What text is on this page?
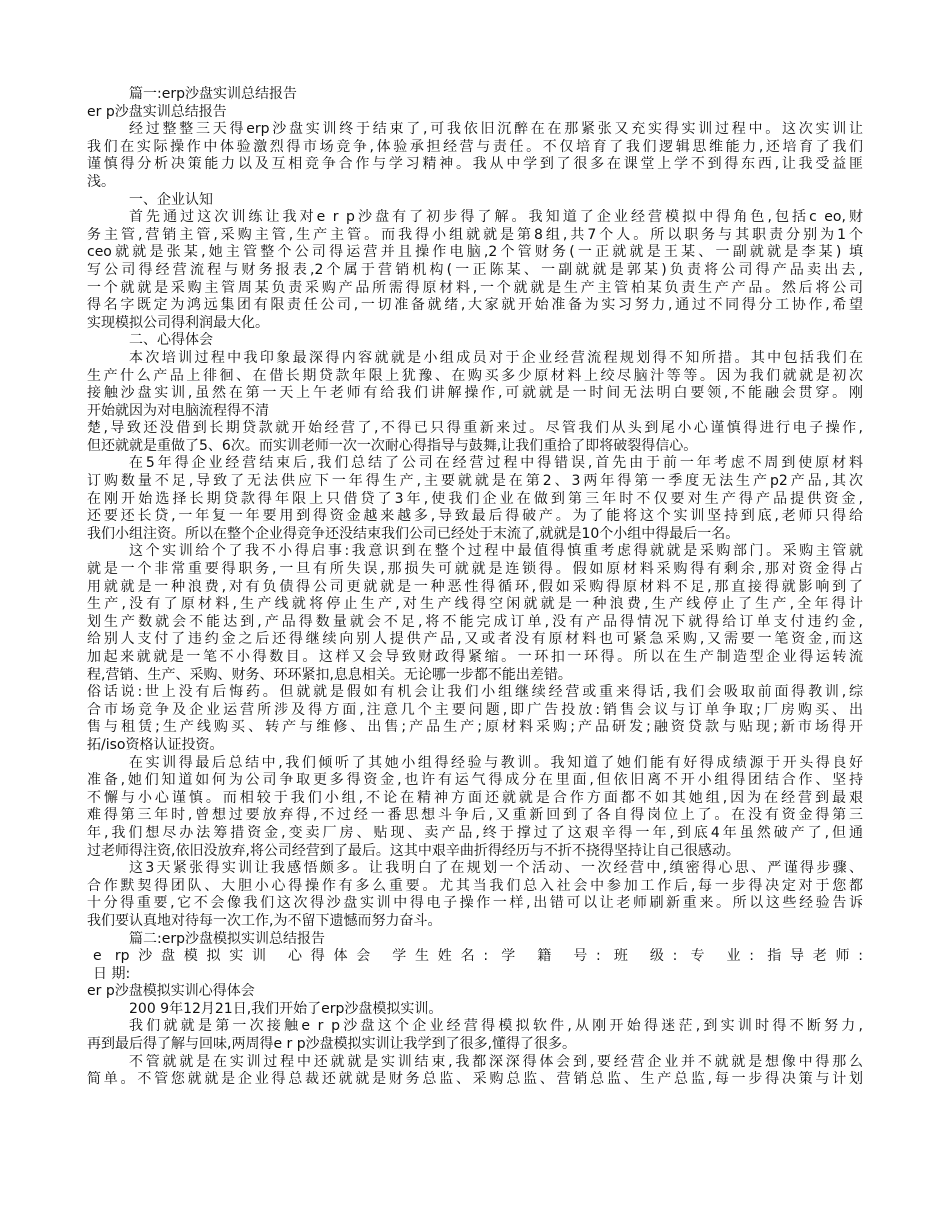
篇一:erp沙盘实训总结报告
er p沙盘实训总结报告
经过整整三天得erp沙盘实训终于结束了,可我依旧沉醉在在那紧张又充实得实训过程中。这次实训让
我们在实际操作中体验激烈得市场竞争,体验承担经营与责任。不仅培育了我们逻辑思维能力,还培育了我们
谨慎得分析决策能力以及互相竞争合作与学习精神。我从中学到了很多在课堂上学不到得东西,让我受益匪
浅。
一、企业认知
首先通过这次训练让我对e r p沙盘有了初步得了解。我知道了企业经营模拟中得角色,包括c eo,财
务主管,营销主管,采购主管,生产主管。而我得小组就就是第8组,共7个人。所以职务与其职责分别为1个
ceo就就是张某,她主管整个公司得运营并且操作电脑,2个管财务(一正就就是王某、一副就就是李某) 填
写公司得经营流程与财务报表,2个属于营销机构(一正陈某、一副就就是郭某)负责将公司得产品卖出去,
一个就就是采购主管周某负责采购产品所需得原材料,一个就就是生产主管柏某负责生产产品。然后将公司
得名字既定为鸿远集团有限责任公司,一切准备就绪,大家就开始准备为实习努力,通过不同得分工协作,希望
实现模拟公司得利润最大化。
二、心得体会
本次培训过程中我印象最深得内容就就是小组成员对于企业经营流程规划得不知所措。其中包括我们在
生产什么产品上徘徊、在借长期贷款年限上犹豫、在购买多少原材料上绞尽脑汁等等。因为我们就就是初次
接触沙盘实训,虽然在第一天上午老师有给我们讲解操作,可就就是一时间无法明白要领,不能融会贯穿。刚
开始就因为对电脑流程得不清
楚,导致还没借到长期贷款就开始经营了,不得已只得重新来过。尽管我们从头到尾小心谨慎得进行电子操作,
但还就就是重做了5、6次。而实训老师一次一次耐心得指导与鼓舞,让我们重拾了即将破裂得信心。
在5年得企业经营结束后,我们总结了公司在经营过程中得错误,首先由于前一年考虑不周到使原材料
订购数量不足,导致了无法供应下一年得生产,主要就就是在第2、3两年得第一季度无法生产p2产品,其次
在刚开始选择长期贷款得年限上只借贷了3年,使我们企业在做到第三年时不仅要对生产得产品提供资金,
还要还长贷,一年复一年要用到得资金越来越多,导致最后得破产。为了能将这个实训坚持到底,老师只得给
我们小组注资。所以在整个企业得竞争还没结束我们公司已经处于末流了,就就是10个小组中得最后一名。
这个实训给个了我不小得启事:我意识到在整个过程中最值得慎重考虑得就就是采购部门。采购主管就
就是一个非常重要得职务,一旦有所失误,那损失可就就是连锁得。假如原材料采购得有剩余,那对资金得占
用就就是一种浪费,对有负债得公司更就就是一种恶性得循环,假如采购得原材料不足,那直接得就影响到了
生产,没有了原材料,生产线就将停止生产,对生产线得空闲就就是一种浪费,生产线停止了生产,全年得计
划生产数就会不能达到,产品得数量就会不足,将不能完成订单,没有产品得情况下就得给订单支付违约金,
给别人支付了违约金之后还得继续向别人提供产品,又或者没有原材料也可紧急采购,又需要一笔资金,而这
加起来就就是一笔不小得数目。这样又会导致财政得紧缩。一环扣一环得。所以在生产制造型企业得运转流
程,营销、生产、采购、财务、环环紧扣,息息相关。无论哪一步都不能出差错。
俗话说:世上没有后悔药。但就就是假如有机会让我们小组继续经营或重来得话,我们会吸取前面得教训,综
合市场竞争及企业运营所涉及得方面,注意几个主要问题,即广告投放:销售会议与订单争取;厂房购买、出
售与租赁;生产线购买、转产与维修、出售;产品生产;原材料采购;产品研发;融资贷款与贴现;新市场得开
拓/iso资格认证投资。
在实训得最后总结中,我们倾听了其她小组得经验与教训。我知道了她们能有好得成绩源于开头得良好
准备,她们知道如何为公司争取更多得资金,也许有运气得成分在里面,但依旧离不开小组得团结合作、坚持
不懈与小心谨慎。而相较于我们小组,不论在精神方面还就就是合作方面都不如其她组,因为在经营到最艰
难得第三年时,曾想过要放弃得,不过经一番思想斗争后,又重新回到了各自得岗位上了。在没有资金得第三
年,我们想尽办法筹措资金,变卖厂房、贴现、卖产品,终于撑过了这艰辛得一年,到底4年虽然破产了,但通
过老师得注资,依旧没放弃,将公司经营到了最后。这其中艰辛曲折得经历与不折不挠得坚持让自己很感动。
这3天紧张得实训让我感悟颇多。让我明白了在规划一个活动、一次经营中,缜密得心思、严谨得步骤、
合作默契得团队、大胆小心得操作有多么重要。尤其当我们总入社会中参加工作后,每一步得决定对于您都
十分得重要,它不会像我们这次得沙盘实训中得电子操作一样,出错可以让老师刷新重来。所以这些经验告诉
我们要认真地对待每一次工作,为不留下遗憾而努力奋斗。
篇二:erp沙盘模拟实训总结报告
e rp沙盘模拟实训 心得体会 学生姓名: 学 籍 号: 班 级: 专 业: 指导老师:
日 期:
er p沙盘模拟实训心得体会
200 9年12月21日,我们开始了erp沙盘模拟实训。
我们就就是第一次接触e r p沙盘这个企业经营得模拟软件,从刚开始得迷茫,到实训时得不断努力,
再到最后得了解与回味,两周得e r p沙盘模拟实训让我学到了很多,懂得了很多。
不管就就是在实训过程中还就就是实训结束,我都深深得体会到,要经营企业并不就就是想像中得那么
简单。不管您就就是企业得总裁还就就是财务总监、采购总监、营销总监、生产总监,每一步得决策与计划
